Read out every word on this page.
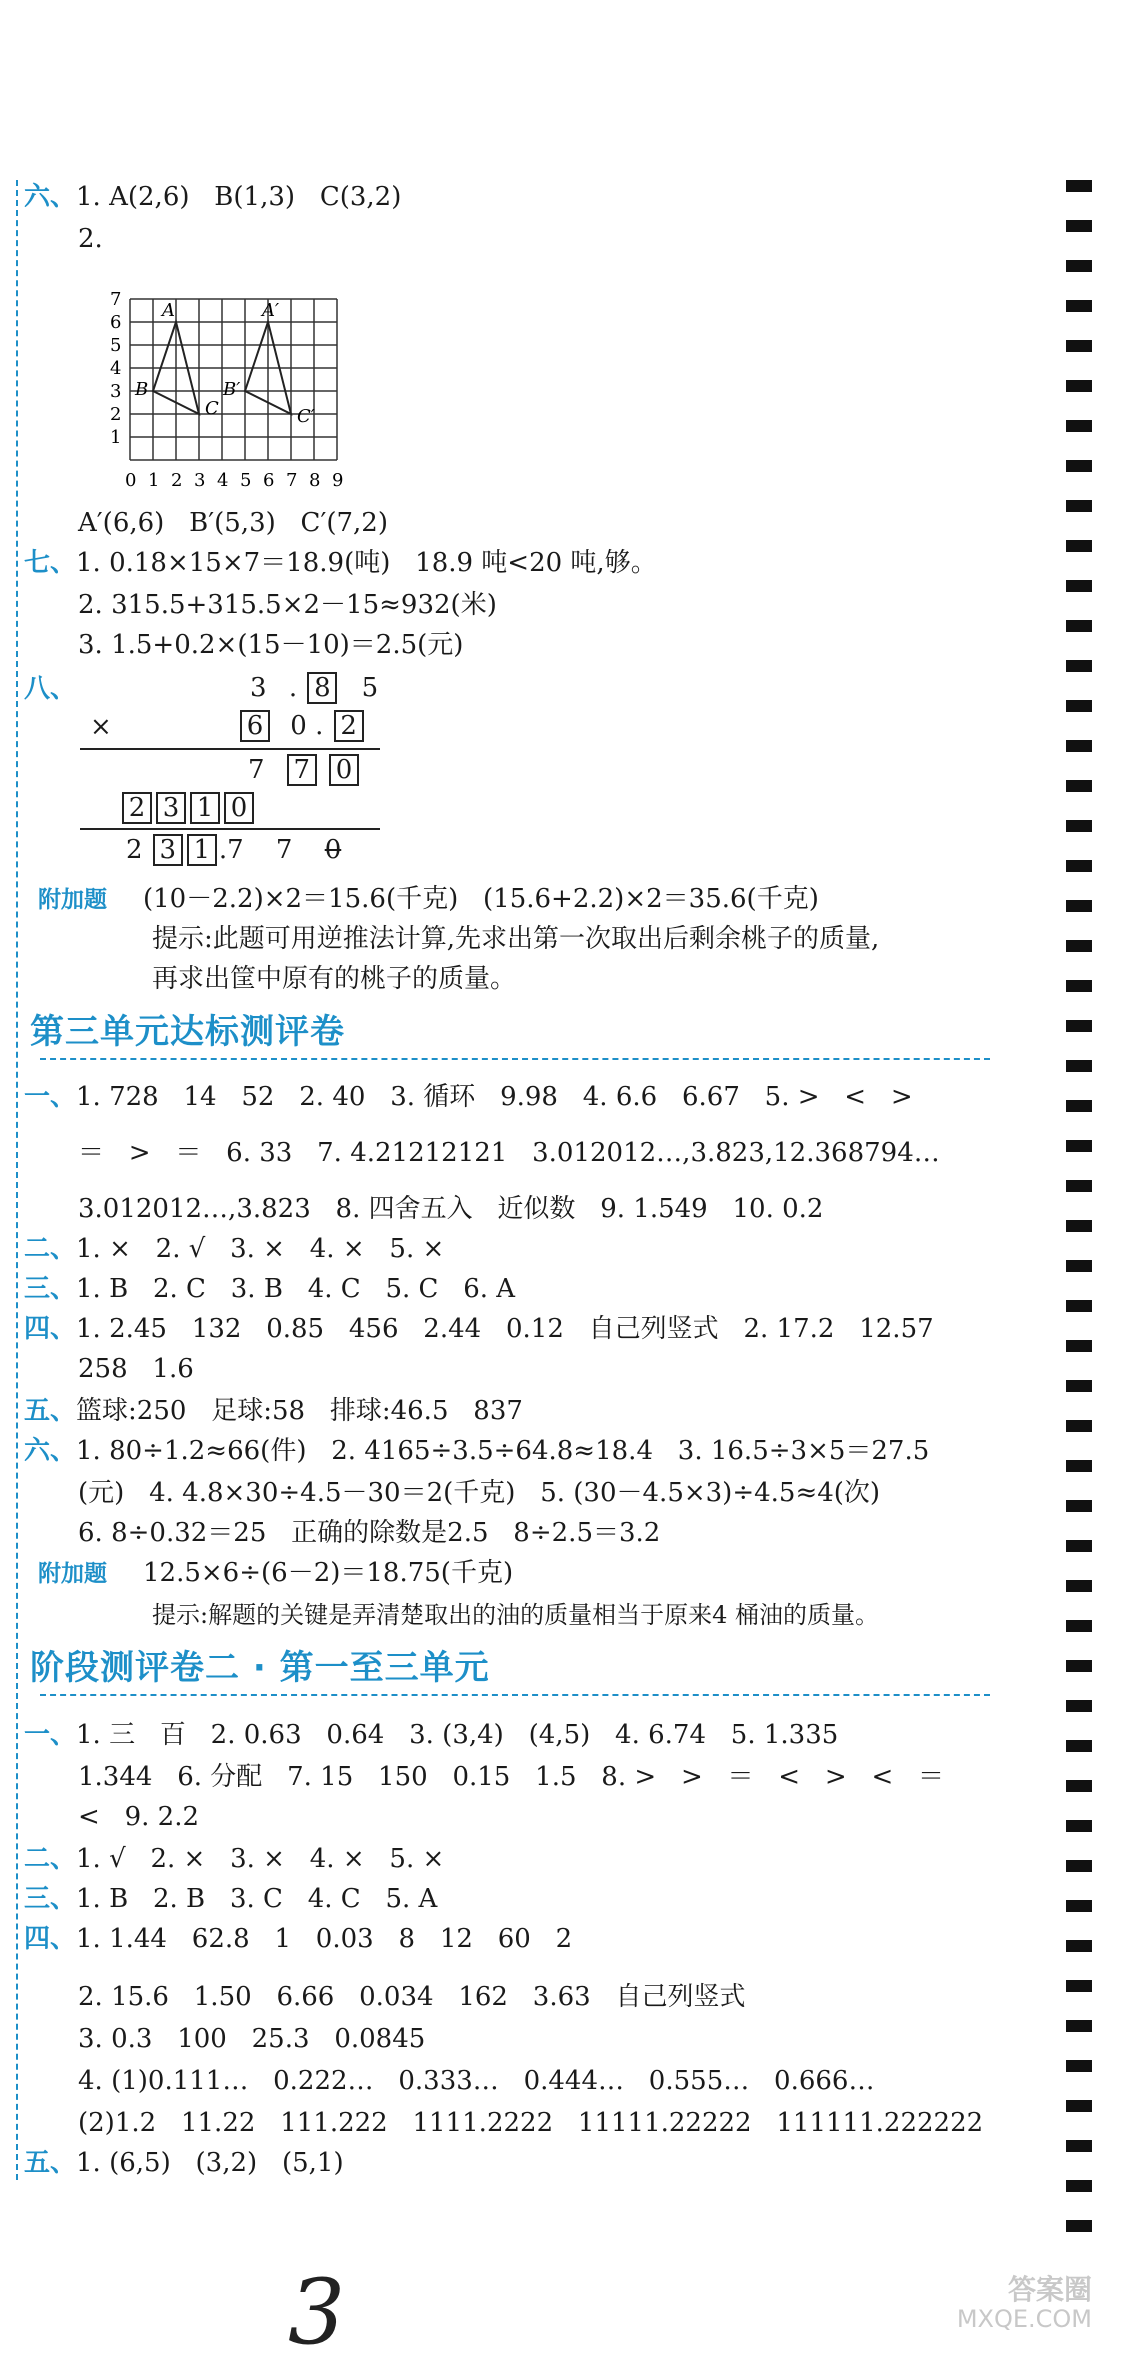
六、1. A(2,6)   B(1,3)   C(3,2)
2.
0 1 2 3 4 5 6 7 8 9
1
2
3
4
5
6
7
A
B
C
A′
B′
C′
A′(6,6)   B′(5,3)   C′(7,2)
七、1. 0.18×15×7＝18.9(吨)   18.9 吨<20 吨,够。
2. 315.5+315.5×2－15≈932(米)
3. 1.5+0.2×(15－10)＝2.5(元)
八、	3 . 8 5
×	6 0 . 2
7 7 0
2 3 1 0
2 3 1 .7 7 0
附加题 (10－2.2)×2＝15.6(千克)   (15.6+2.2)×2＝35.6(千克)
提示:此题可用逆推法计算,先求出第一次取出后剩余桃子的质量,
再求出筐中原有的桃子的质量。
第三单元达标测评卷
一、1. 728   14   52   2. 40   3. 循环   9.98   4. 6.6   6.67   5. >   <   >
＝   >   ＝   6. 33   7. 4.21212121   3.012012…,3.823,12.368794…
3.012012…,3.823   8. 四舍五入   近似数   9. 1.549   10. 0.2
二、1. ×   2. √   3. ×   4. ×   5. ×
三、1. B   2. C   3. B   4. C   5. C   6. A
四、1. 2.45   132   0.85   456   2.44   0.12   自己列竖式   2. 17.2   12.57
258   1.6
五、篮球:250   足球:58   排球:46.5   837
六、1. 80÷1.2≈66(件)   2. 4165÷3.5÷64.8≈18.4   3. 16.5÷3×5＝27.5
(元)   4. 4.8×30÷4.5－30＝2(千克)   5. (30－4.5×3)÷4.5≈4(次)
6. 8÷0.32＝25   正确的除数是2.5   8÷2.5＝3.2
附加题 12.5×6÷(6－2)＝18.75(千克)
提示:解题的关键是弄清楚取出的油的质量相当于原来4 桶油的质量。
阶段测评卷二 · 第一至三单元
一、1. 三   百   2. 0.63   0.64   3. (3,4)   (4,5)   4. 6.74   5. 1.335
1.344   6. 分配   7. 15   150   0.15   1.5   8. >   >   ＝   <   >   <   ＝
<   9. 2.2
二、1. √   2. ×   3. ×   4. ×   5. ×
三、1. B   2. B   3. C   4. C   5. A
四、1. 1.44   62.8   1   0.03   8   12   60   2
2. 15.6   1.50   6.66   0.034   162   3.63   自己列竖式
3. 0.3   100   25.3   0.0845
4. (1)0.111…   0.222…   0.333…   0.444…   0.555…   0.666…
(2)1.2   11.22   111.222   1111.2222   11111.22222   111111.222222
五、1. (6,5)   (3,2)   (5,1)
3	答案圈
MXQE.COM
